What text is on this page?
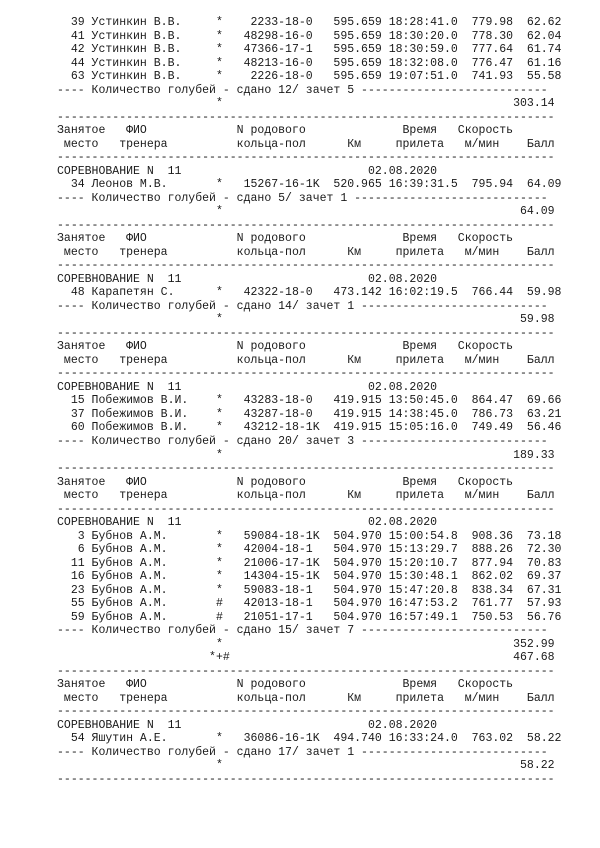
39 Устинкин В.В.     *    2233-18-0   595.659 18:28:41.0  779.98  62.62
41 Устинкин В.В.     *   48298-16-0   595.659 18:30:20.0  778.30  62.04
42 Устинкин В.В.     *   47366-17-1   595.659 18:30:59.0  777.64  61.74
44 Устинкин В.В.     *   48213-16-0   595.659 18:32:08.0  776.47  61.16
63 Устинкин В.В.     *    2226-18-0   595.659 19:07:51.0  741.93  55.58
---- Количество голубей - сдано 12/ зачет 5 ---------------------------
*                                          303.14
------------------------------------------------------------------------
Занятое   ФИО             N родового              Время   Скорость
место   тренера          кольца-пол      Км     прилета   м/мин    Балл
------------------------------------------------------------------------
СОРЕВНОВАНИЕ N  11                           02.08.2020
34 Леонов М.В.       *   15267-16-1K  520.965 16:39:31.5  795.94  64.09
---- Количество голубей - сдано 5/ зачет 1 ----------------------------
*                                           64.09
------------------------------------------------------------------------
Занятое   ФИО             N родового              Время   Скорость
место   тренера          кольца-пол      Км     прилета   м/мин    Балл
------------------------------------------------------------------------
СОРЕВНОВАНИЕ N  11                           02.08.2020
48 Карапетян С.      *   42322-18-0   473.142 16:02:19.5  766.44  59.98
---- Количество голубей - сдано 14/ зачет 1 ---------------------------
*                                           59.98
------------------------------------------------------------------------
Занятое   ФИО             N родового              Время   Скорость
место   тренера          кольца-пол      Км     прилета   м/мин    Балл
------------------------------------------------------------------------
СОРЕВНОВАНИЕ N  11                           02.08.2020
15 Побежимов В.И.    *   43283-18-0   419.915 13:50:45.0  864.47  69.66
37 Побежимов В.И.    *   43287-18-0   419.915 14:38:45.0  786.73  63.21
60 Побежимов В.И.    *   43212-18-1K  419.915 15:05:16.0  749.49  56.46
---- Количество голубей - сдано 20/ зачет 3 ---------------------------
*                                          189.33
------------------------------------------------------------------------
Занятое   ФИО             N родового              Время   Скорость
место   тренера          кольца-пол      Км     прилета   м/мин    Балл
------------------------------------------------------------------------
СОРЕВНОВАНИЕ N  11                           02.08.2020
3 Бубнов А.М.       *   59084-18-1K  504.970 15:00:54.8  908.36  73.18
6 Бубнов А.М.       *   42004-18-1   504.970 15:13:29.7  888.26  72.30
11 Бубнов А.М.       *   21006-17-1K  504.970 15:20:10.7  877.94  70.83
16 Бубнов А.М.       *   14304-15-1K  504.970 15:30:48.1  862.02  69.37
23 Бубнов А.М.       *   59083-18-1   504.970 15:47:20.8  838.34  67.31
55 Бубнов А.М.       #   42013-18-1   504.970 16:47:53.2  761.77  57.93
59 Бубнов А.М.       #   21051-17-1   504.970 16:57:49.1  750.53  56.76
---- Количество голубей - сдано 15/ зачет 7 ---------------------------
*                                          352.99
*+#                                         467.68
------------------------------------------------------------------------
Занятое   ФИО             N родового              Время   Скорость
место   тренера          кольца-пол      Км     прилета   м/мин    Балл
------------------------------------------------------------------------
СОРЕВНОВАНИЕ N  11                           02.08.2020
54 Яшутин А.Е.       *   36086-16-1K  494.740 16:33:24.0  763.02  58.22
---- Количество голубей - сдано 17/ зачет 1 ---------------------------
*                                           58.22
------------------------------------------------------------------------
